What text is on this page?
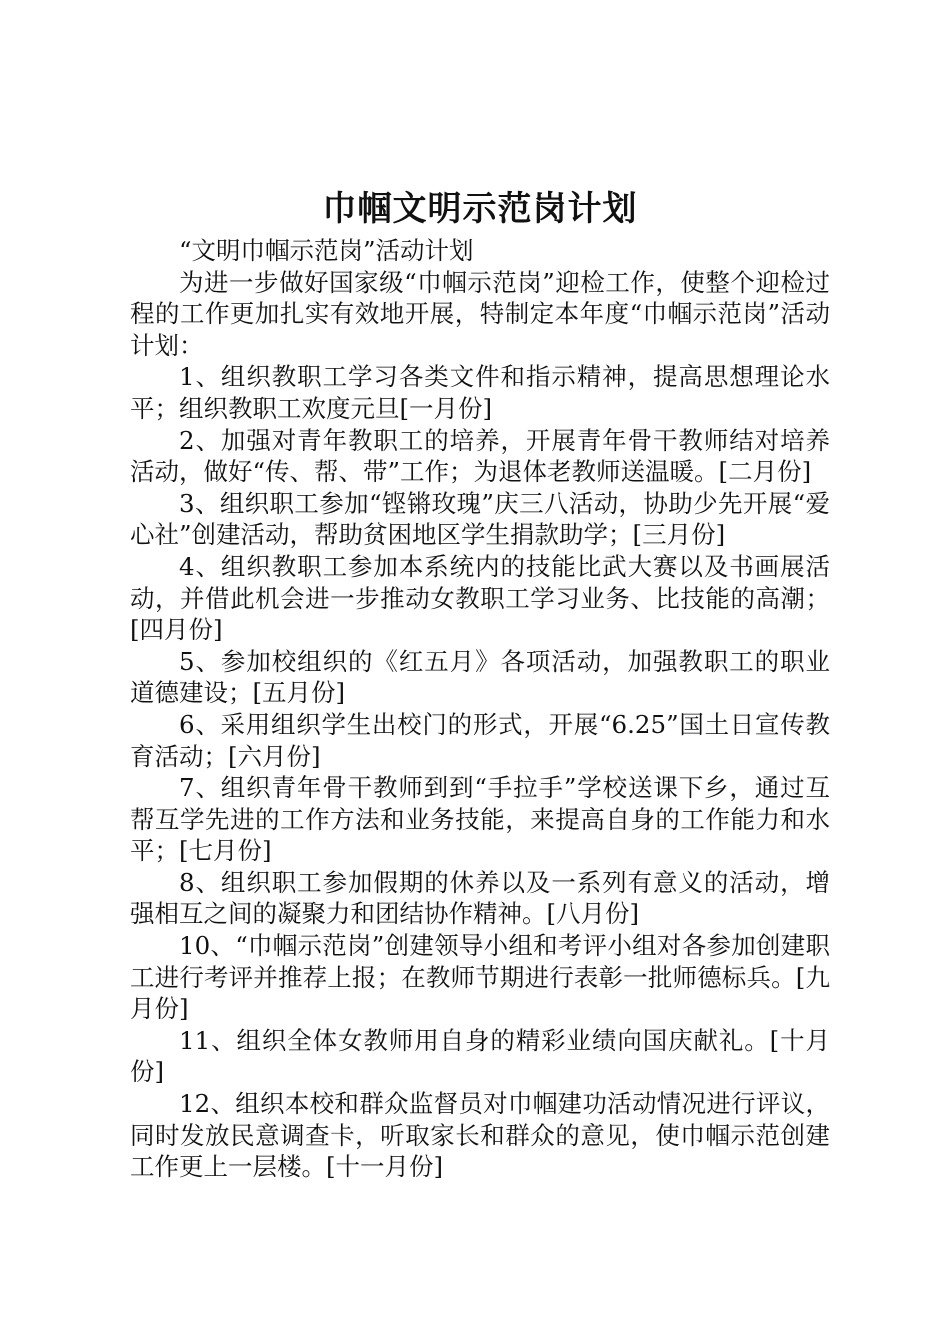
巾帼文明示范岗计划

“文明巾帼示范岗”活动计划

为进一步做好国家级“巾帼示范岗”迎检工作，使整个迎检过程的工作更加扎实有效地开展，特制定本年度“巾帼示范岗”活动计划：

1、组织教职工学习各类文件和指示精神，提高思想理论水平；组织教职工欢度元旦[一月份]

2、加强对青年教职工的培养，开展青年骨干教师结对培养活动，做好“传、帮、带”工作；为退体老教师送温暖。[二月份]

3、组织职工参加“铿锵玫瑰”庆三八活动，协助少先开展“爱心社”创建活动，帮助贫困地区学生捐款助学；[三月份]

4、组织教职工参加本系统内的技能比武大赛以及书画展活动，并借此机会进一步推动女教职工学习业务、比技能的高潮；[四月份]

5、参加校组织的《红五月》各项活动，加强教职工的职业道德建设；[五月份]

6、采用组织学生出校门的形式，开展“6.25”国土日宣传教育活动；[六月份]

7、组织青年骨干教师到到“手拉手”学校送课下乡，通过互帮互学先进的工作方法和业务技能，来提高自身的工作能力和水平；[七月份]

8、组织职工参加假期的休养以及一系列有意义的活动，增强相互之间的凝聚力和团结协作精神。[八月份]

10、“巾帼示范岗”创建领导小组和考评小组对各参加创建职工进行考评并推荐上报；在教师节期进行表彰一批师德标兵。[九月份]

11、组织全体女教师用自身的精彩业绩向国庆献礼。[十月份]

12、组织本校和群众监督员对巾帼建功活动情况进行评议，同时发放民意调查卡，听取家长和群众的意见，使巾帼示范创建工作更上一层楼。[十一月份]
